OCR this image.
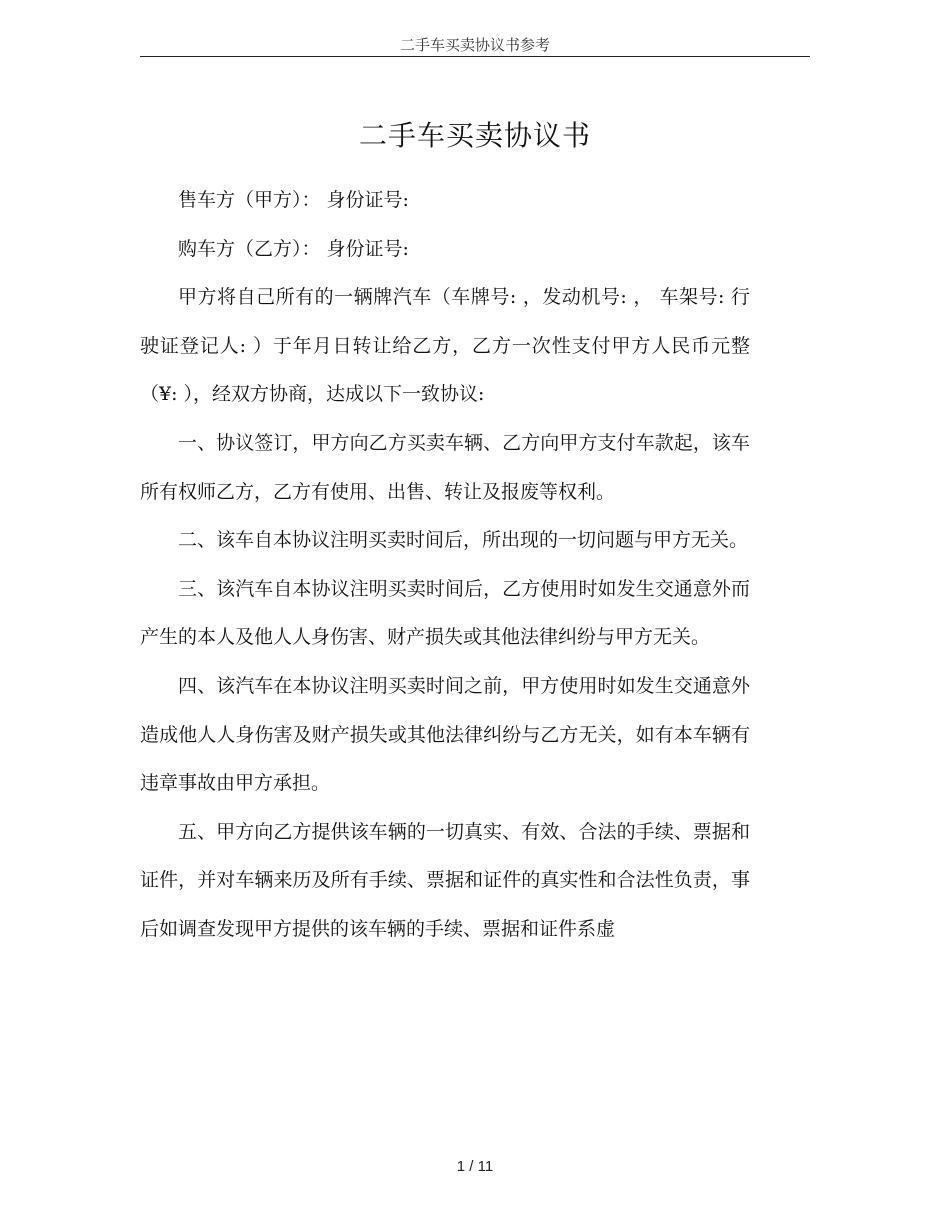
二手车买卖协议书参考
二手车买卖协议书

售车方（甲方）： 身份证号:

购车方（乙方）： 身份证号:

甲方将自己所有的一辆牌汽车（车牌号: ，发动机号: ， 车架号: 行驶证登记人: ）于年月日转让给乙方，乙方一次性支付甲方人民币元整（¥: ），经双方协商，达成以下一致协议:

一、协议签订，甲方向乙方买卖车辆、乙方向甲方支付车款起，该车所有权师乙方，乙方有使用、出售、转让及报废等权利。

二、该车自本协议注明买卖时间后，所出现的一切问题与甲方无关。

三、该汽车自本协议注明买卖时间后，乙方使用时如发生交通意外而产生的本人及他人人身伤害、财产损失或其他法律纠纷与甲方无关。

四、该汽车在本协议注明买卖时间之前，甲方使用时如发生交通意外造成他人人身伤害及财产损失或其他法律纠纷与乙方无关，如有本车辆有违章事故由甲方承担。

五、甲方向乙方提供该车辆的一切真实、有效、合法的手续、票据和证件，并对车辆来历及所有手续、票据和证件的真实性和合法性负责，事后如调查发现甲方提供的该车辆的手续、票据和证件系虚

1 / 11
